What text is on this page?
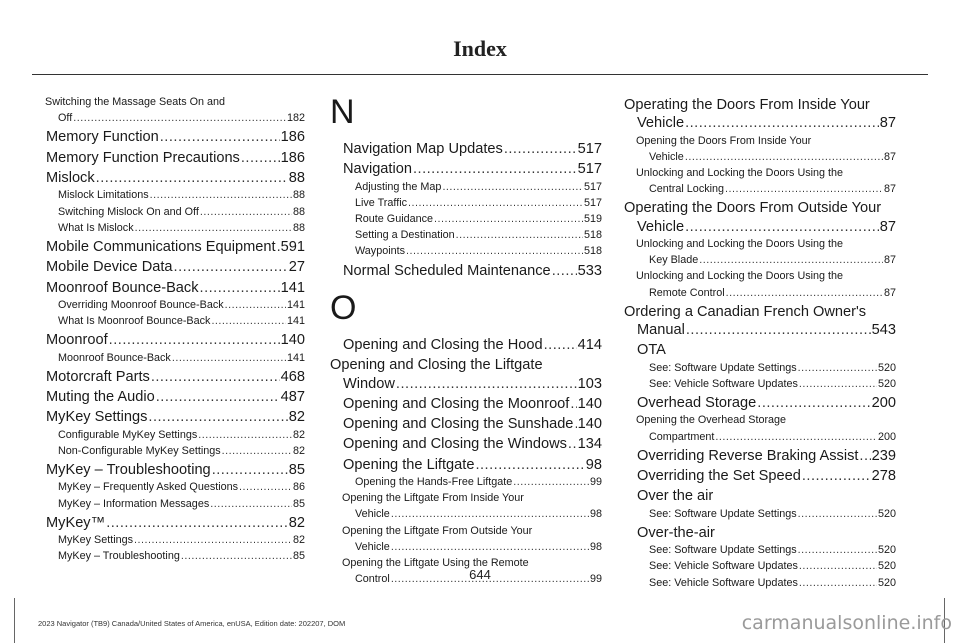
Index
Switching the Massage Seats On and
Off .....	182
Memory Function .....	186
Memory Function Precautions .....	186
Mislock .....	88
Mislock Limitations .....	88
Switching Mislock On and Off .....	88
What Is Mislock .....	88
Mobile Communications Equipment ..... 591
Mobile Device Data .....	27
Moonroof Bounce-Back .....	141
Overriding Moonroof Bounce-Back .....	141
What Is Moonroof Bounce-Back .....	141
Moonroof .....	140
Moonroof Bounce-Back .....	141
Motorcraft Parts .....	468
Muting the Audio .....	487
MyKey Settings .....	82
Configurable MyKey Settings .....	82
Non-Configurable MyKey Settings .....	82
MyKey – Troubleshooting .....	85
MyKey – Frequently Asked Questions .....	86
MyKey – Information Messages .....	85
MyKey™ .....	82
MyKey Settings .....	82
MyKey – Troubleshooting .....	85
N
Navigation Map Updates .....	517
Navigation .....	517
Adjusting the Map .....	517
Live Traffic .....	517
Route Guidance .....	519
Setting a Destination .....	518
Waypoints .....	518
Normal Scheduled Maintenance ..... 533
O
Opening and Closing the Hood ..... 414
Opening and Closing the Liftgate
Window .....	103
Opening and Closing the Moonroof ..... 140
Opening and Closing the Sunshade ..... 140
Opening and Closing the Windows ..... 134
Opening the Liftgate .....	98
Opening the Hands-Free Liftgate .....	99
Opening the Liftgate From Inside Your
Vehicle .....	98
Opening the Liftgate From Outside Your
Vehicle .....	98
Opening the Liftgate Using the Remote
Control .....	99
Operating the Doors From Inside Your
Vehicle .....	87
Opening the Doors From Inside Your
Vehicle .....	87
Unlocking and Locking the Doors Using the
Central Locking .....	87
Operating the Doors From Outside Your
Vehicle .....	87
Unlocking and Locking the Doors Using the
Key Blade .....	87
Unlocking and Locking the Doors Using the
Remote Control .....	87
Ordering a Canadian French Owner's
Manual .....	543
OTA
See: Software Update Settings .....	520
See: Vehicle Software Updates .....	520
Overhead Storage .....	200
Opening the Overhead Storage
Compartment .....	200
Overriding Reverse Braking Assist ..... 239
Overriding the Set Speed .....	278
Over the air
See: Software Update Settings .....	520
Over-the-air
See: Software Update Settings .....	520
See: Vehicle Software Updates .....	520
See: Vehicle Software Updates .....	520
644
2023 Navigator (TB9) Canada/United States of America, enUSA, Edition date: 202207, DOM	carmanualsonline.info
